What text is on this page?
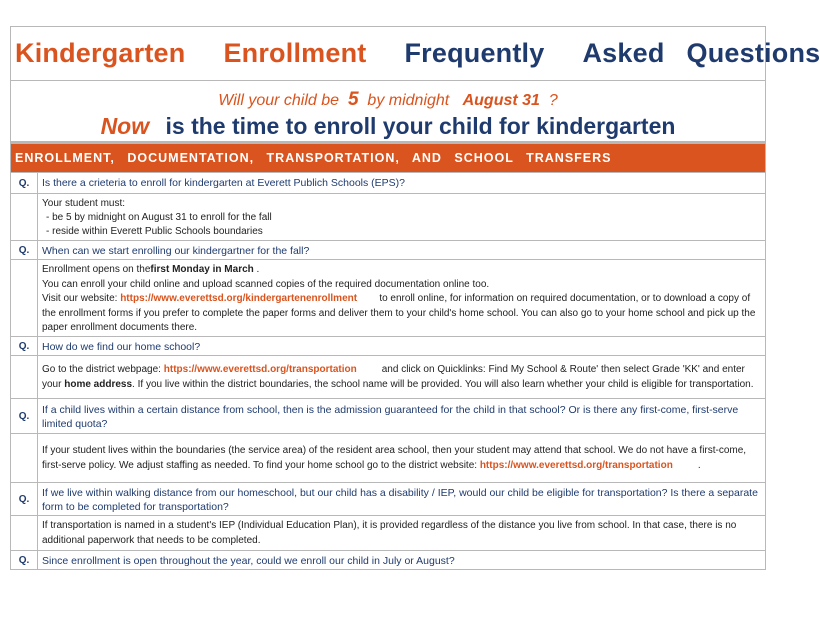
Kindergarten Enrollment Frequently Asked Questions
Will your child be 5 by midnight August 31 ?
Now is the time to enroll your child for kindergarten
ENROLLMENT, DOCUMENTATION, TRANSPORTATION, AND SCHOOL TRANSFERS
Q.	Is there a crieteria to enroll for kindergarten at Everett Publich Schools (EPS)?
Your student must:
- be 5 by midnight on August 31 to enroll for the fall
- reside within Everett Public Schools boundaries
Q.	When can we start enrolling our kindergartner for the fall?
Enrollment opens on thefirst Monday in March .
You can enroll your child online and upload scanned copies of the required documentation online too.
Visit our website: https://www.everettsd.org/kindergartenenrollment to enroll online, for information on required documentation, or to download a copy of the enrollment forms if you prefer to complete the paper forms and deliver them to your child's home school. You can also go to your home school and pick up the paper enrollment documents there.
Q.	How do we find our home school?
Go to the district webpage: https://www.everettsd.org/transportation	and click on Quicklinks: Find My School & Route' then select Grade 'KK' and enter your home address. If you live within the district boundaries, the school name will be provided. You will also learn whether your child is eligible for transportation.
Q.	If a child lives within a certain distance from school, then is the admission guaranteed for the child in that school? Or is there any first-come, first-serve limited quota?
If your student lives within the boundaries (the service area) of the resident area school, then your student may attend that school. We do not have a first-come, first-serve policy. We adjust staffing as needed. To find your home school go to the district website: https://www.everettsd.org/transportation	.
Q.	If we live within walking distance from our homeschool, but our child has a disability / IEP, would our child be eligible for transportation? Is there a separate form to be completed for transportation?
If transportation is named in a student's IEP (Individual Education Plan), it is provided regardless of the distance you live from school. In that case, there is no additional paperwork that needs to be completed.
Q.	Since enrollment is open throughout the year, could we enroll our child in July or August?
